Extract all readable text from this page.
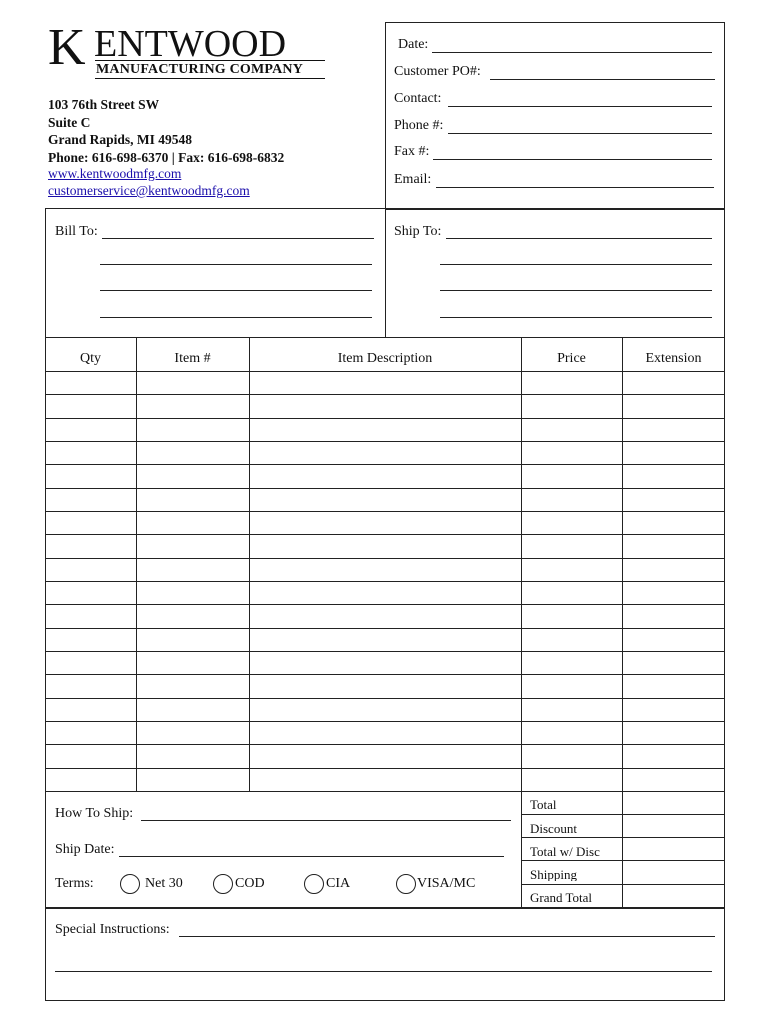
K ENTWOOD
MANUFACTURING COMPANY
103 76th Street SW
Suite C
Grand Rapids, MI 49548
Phone: 616-698-6370 | Fax: 616-698-6832
www.kentwoodmfg.com
customerservice@kentwoodmfg.com
Date:
Customer PO#:
Contact:
Phone #:
Fax #:
Email:
Bill To:	Ship To:
Qty	Item #	Item Description	Price	Extension
How To Ship:
Ship Date:
Terms:	Net 30	COD	CIA	VISA/MC
Total
Discount
Total w/ Disc
Shipping
Grand Total
Special Instructions:
